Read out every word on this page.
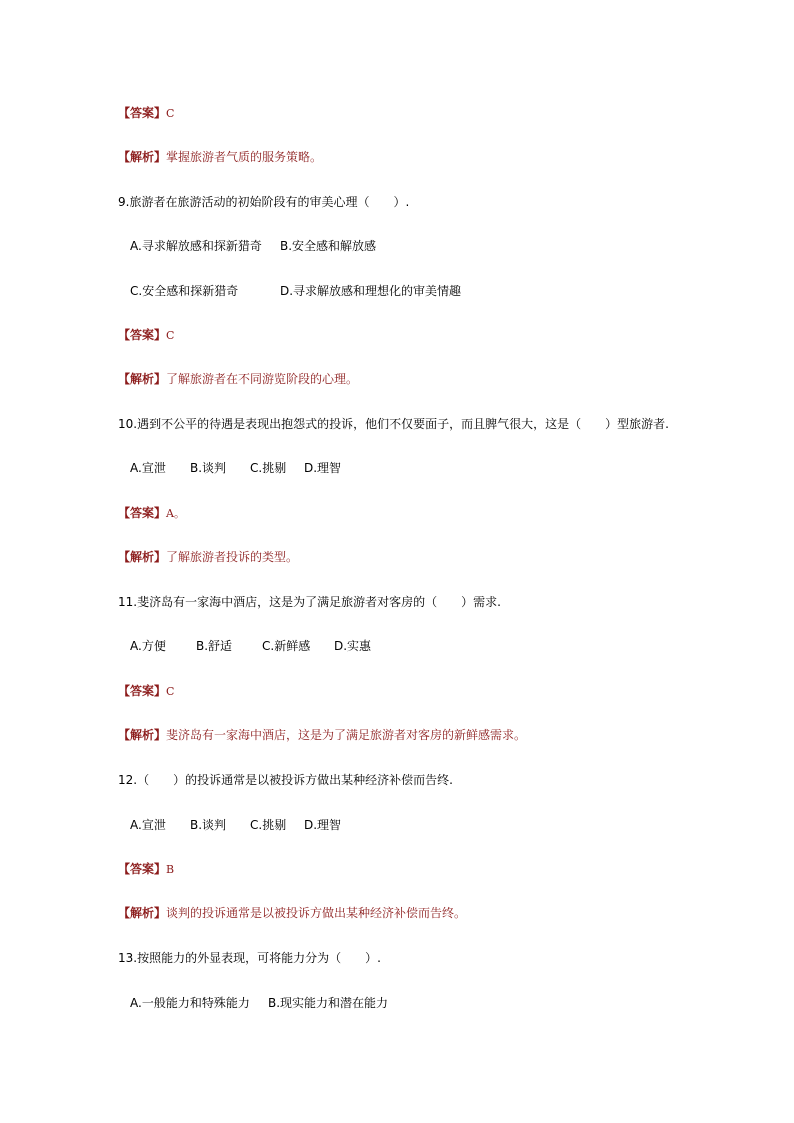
【答案】C
【解析】掌握旅游者气质的服务策略。
9.旅游者在旅游活动的初始阶段有的审美心理（　　）.
A.寻求解放感和探新猎奇 B.安全感和解放感
C.安全感和探新猎奇	D.寻求解放感和理想化的审美情趣
【答案】C
【解析】了解旅游者在不同游览阶段的心理。
10.遇到不公平的待遇是表现出抱怨式的投诉，他们不仅要面子，而且脾气很大，这是（　　）型旅游者.
A.宣泄 B.谈判 C.挑剔 D.理智
【答案】A。
【解析】了解旅游者投诉的类型。
11.斐济岛有一家海中酒店，这是为了满足旅游者对客房的（　　）需求.
A.方便	B.舒适 C.新鲜感 D.实惠
【答案】C
【解析】斐济岛有一家海中酒店，这是为了满足旅游者对客房的新鲜感需求。
12.（　　）的投诉通常是以被投诉方做出某种经济补偿而告终.
A.宣泄 B.谈判 C.挑剔 D.理智
【答案】B
【解析】谈判的投诉通常是以被投诉方做出某种经济补偿而告终。
13.按照能力的外显表现，可将能力分为（　　）.
A.一般能力和特殊能力 B.现实能力和潜在能力
